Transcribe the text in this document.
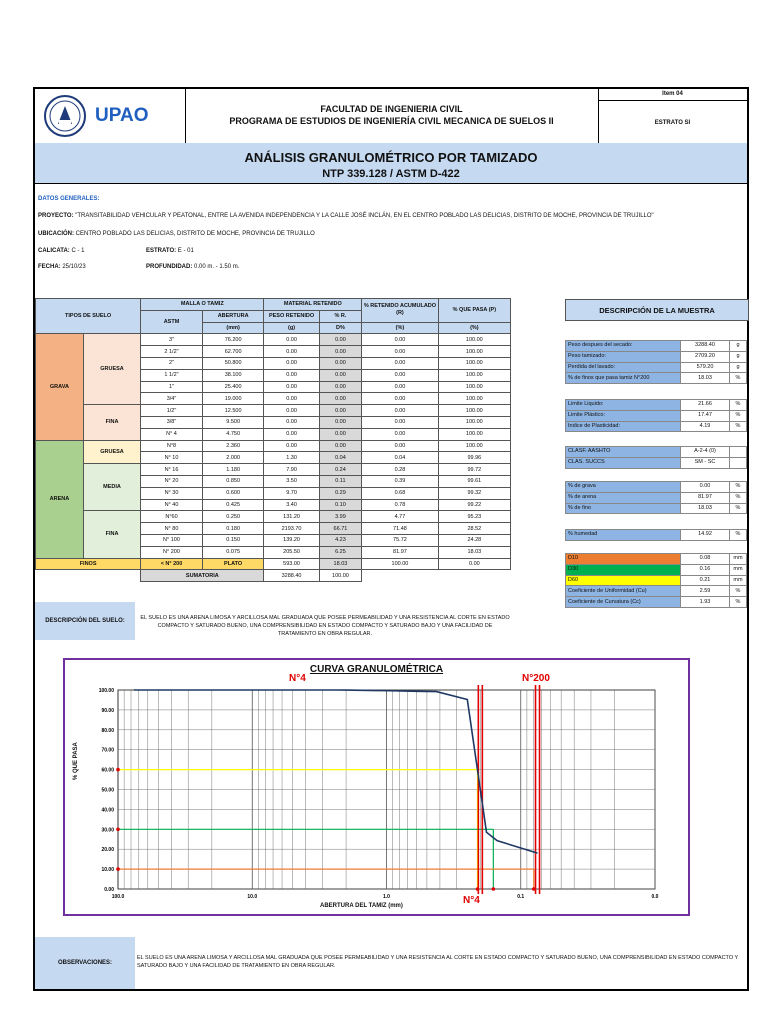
UPAO	FACULTAD DE INGENIERIA CIVIL
PROGRAMA DE ESTUDIOS DE INGENIERÍA CIVIL MECANICA DE SUELOS II
Item 04
ESTRATO SI
ANÁLISIS GRANULOMÉTRICO POR TAMIZADO
NTP 339.128 / ASTM D-422
DATOS GENERALES:
PROYECTO: "TRANSITABILIDAD VEHICULAR Y PEATONAL, ENTRE LA AVENIDA INDEPENDENCIA Y LA CALLE JOSÉ INCLÁN, EN EL CENTRO POBLADO LAS DELICIAS, DISTRITO DE MOCHE, PROVINCIA DE TRUJILLO"
UBICACIÓN: CENTRO POBLADO LAS DELICIAS, DISTRITO DE MOCHE, PROVINCIA DE TRUJILLO
CALICATA: C - 1	ESTRATO: E - 01
FECHA: 25/10/23	PROFUNDIDAD: 0.00 m. - 1.50 m.
TIPOS DE SUELO		MALLA O TAMIZ		MATERIAL RETENIDO		% RETENIDO ACUMULADO (R)	% QUE PASA (P)
		ASTM	ABERTURA	PESO RETENIDO	% R.		
			(mm)	(g)	D%	(%)	(%)
GRAVA	GRUESA	3"	76.200	0.00	0.00	0.00	100.00
		2 1/2"	62.700	0.00	0.00	0.00	100.00
		2"	50.800	0.00	0.00	0.00	100.00
		1 1/2"	38.100	0.00	0.00	0.00	100.00
		1"	25.400	0.00	0.00	0.00	100.00
		3/4"	19.000	0.00	0.00	0.00	100.00
	FINA	1/2"	12.500	0.00	0.00	0.00	100.00
		3/8"	9.500	0.00	0.00	0.00	100.00
		N° 4	4.750	0.00	0.00	0.00	100.00
ARENA	GRUESA	N°8	2.360	0.00	0.00	0.00	100.00
		N° 10	2.000	1.30	0.04	0.04	99.96
	MEDIA	N° 16	1.180	7.90	0.24	0.28	99.72
		N° 20	0.850	3.50	0.11	0.39	99.61
		N° 30	0.600	9.70	0.29	0.68	99.32
		N° 40	0.425	3.40	0.10	0.78	99.22
	FINA	N°60	0.250	131.20	3.99	4.77	95.23
		N° 80	0.180	2193.70	66.71	71.48	28.52
		N° 100	0.150	139.20	4.23	75.72	24.28
		N° 200	0.075	205.50	6.25	81.97	18.03
FINOS		< N° 200	PLATO	593.00	18.03	100.00	0.00
		SUMATORIA		3288.40	100.00		
DESCRIPCIÓN DE LA MUESTRA
Peso despues del secado:	3288.40	g
Peso tamizado:	2709.20	g
Perdida del lavado:	579.20	g
% de finos que pasa tamiz N°200	18.03	%
Limite Liquido:	21.66	%
Limite Plástico:	17.47	%
Indice de Plasticidad:	4.19	%
CLASF. AASHTO	A-2-4 (0)	
CLAS. SUCCS	SM - SC	
% de grava	0.00	%
% de arena	81.97	%
% de fino	18.03	%
% humedad	14.92	%
D10	0.08	mm
D30	0.16	mm
D60	0.21	mm
Coeficiente de Uniformidad (Cu)	2.59	%
Coeficiente de Curvatura (Cc)	1.93	%
DESCRIPCIÓN DEL SUELO:	EL SUELO ES UNA ARENA LIMOSA Y ARCILLOSA MAL GRADUADA QUE POSEE PERMEABILIDAD Y UNA RESISTENCIA AL CORTE EN ESTADO COMPACTO Y SATURADO BUENO, UNA COMPRENSIBILIDAD EN ESTADO COMPACTO Y SATURADO BAJO Y UNA FACILIDAD DE TRATAMIENTO EN OBRA REGULAR.
CURVA GRANULOMÉTRICA
N°4	N°200
N°4
% QUE PASA
ABERTURA DEL TAMIZ (mm)
100.00
90.00
80.00
70.00
60.00
50.00
40.00
30.00
20.00
10.00
0.00
100.0	10.0	1.0	0.1	0.0
OBSERVACIONES:
EL SUELO ES UNA ARENA LIMOSA Y ARCILLOSA MAL GRADUADA QUE POSEE PERMEABILIDAD Y UNA RESISTENCIA AL CORTE EN ESTADO COMPACTO Y SATURADO BUENO, UNA COMPRENSIBILIDAD EN ESTADO COMPACTO Y SATURADO BAJO Y UNA FACILIDAD DE TRATAMIENTO EN OBRA REGULAR.
